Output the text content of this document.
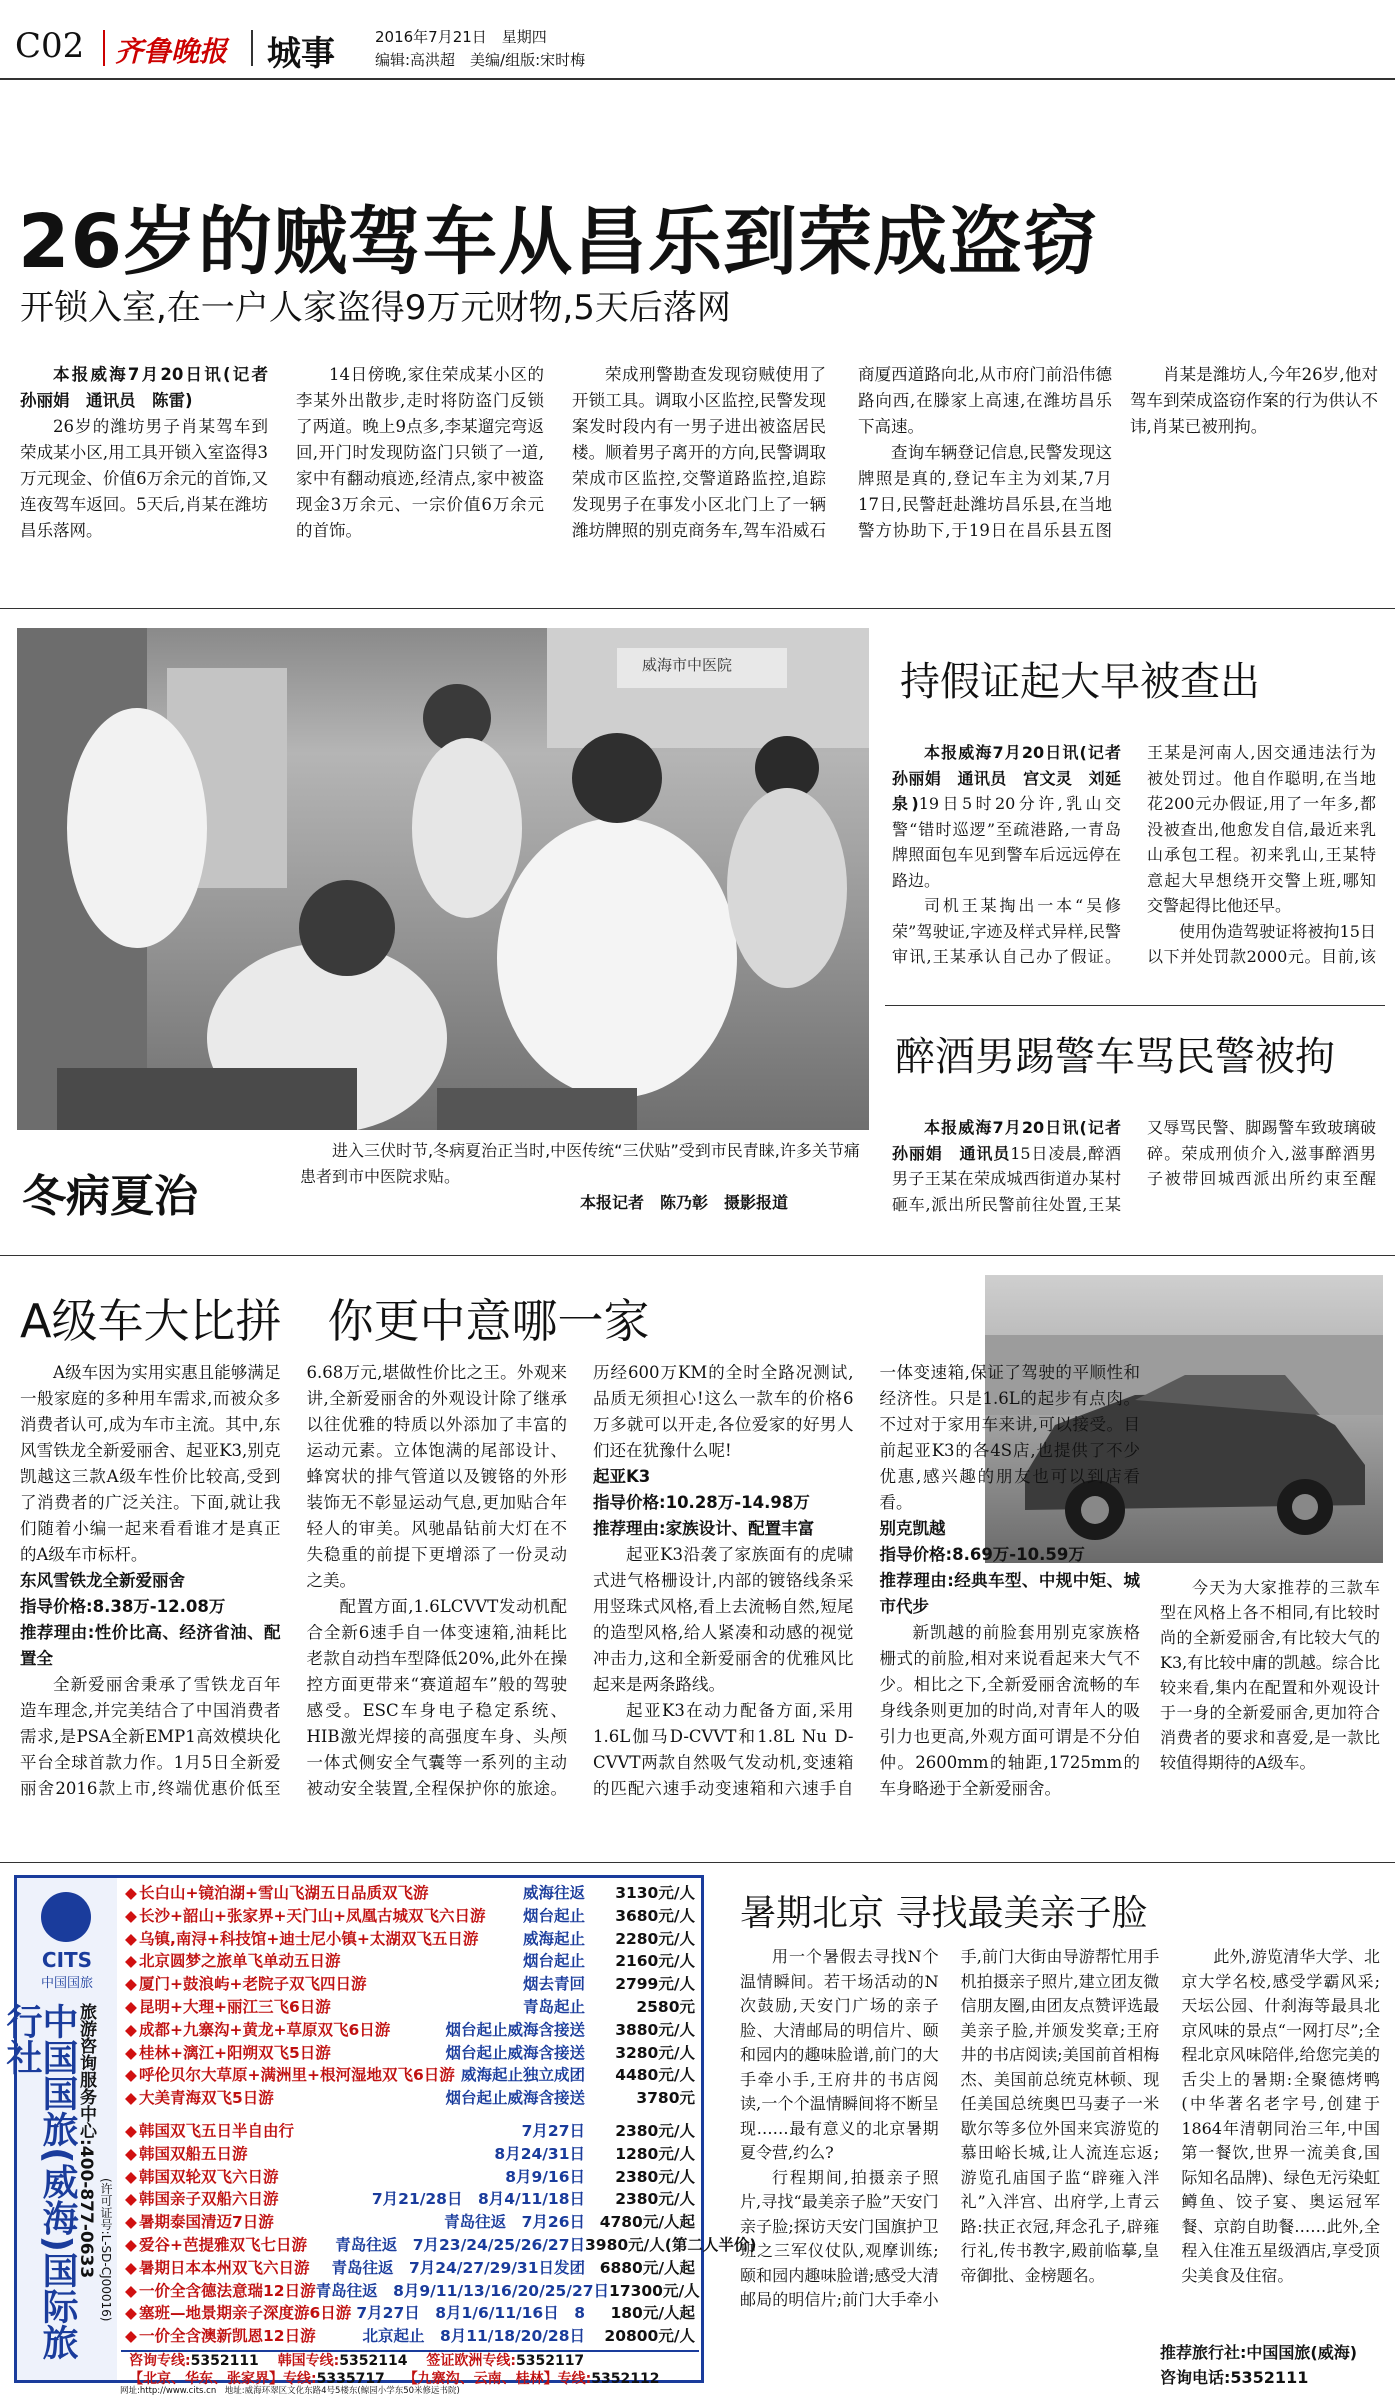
C02 齐鲁晚报 城事	2016年7月21日　星期四
编辑:高洪超　美编/组版:宋时梅
26岁的贼驾车从昌乐到荣成盗窃
开锁入室,在一户人家盗得9万元财物,5天后落网

本报威海7月20日讯(记者　孙丽娟　通讯员　陈雷)

26岁的潍坊男子肖某驾车到荣成某小区,用工具开锁入室盗得3万元现金、价值6万余元的首饰,又连夜驾车返回。5天后,肖某在潍坊昌乐落网。

14日傍晚,家住荣成某小区的李某外出散步,走时将防盗门反锁了两道。晚上9点多,李某遛完弯返回,开门时发现防盗门只锁了一道,家中有翻动痕迹,经清点,家中被盗现金3万余元、一宗价值6万余元的首饰。

荣成刑警勘查发现窃贼使用了开锁工具。调取小区监控,民警发现案发时段内有一男子进出被盗居民楼。顺着男子离开的方向,民警调取荣成市区监控,交警道路监控,追踪发现男子在事发小区北门上了一辆潍坊牌照的别克商务车,驾车沿威石商厦西道路向北,从市府门前沿伟德路向西,在滕家上高速,在潍坊昌乐下高速。

查询车辆登记信息,民警发现这牌照是真的,登记车主为刘某,7月17日,民警赶赴潍坊昌乐县,在当地警方协助下,于19日在昌乐县五图

肖某是潍坊人,今年26岁,他对驾车到荣成盗窃作案的行为供认不讳,肖某已被刑拘。

威海市中医院
冬病夏治
进入三伏时节,冬病夏治正当时,中医传统“三伏贴”受到市民青睐,许多关节痛患者到市中医院求贴。
本报记者　陈乃彰　摄影报道
持假证起大早被查出

本报威海7月20日讯(记者　孙丽娟　通讯员　宫文灵　刘延泉)19日5时20分许,乳山交警“错时巡逻”至疏港路,一青岛牌照面包车见到警车后远远停在路边。

司机王某掏出一本“吴修荣”驾驶证,字迹及样式异样,民警审讯,王某承认自己办了假证。王某是河南人,因交通违法行为被处罚过。他自作聪明,在当地花200元办假证,用了一年多,都没被查出,他愈发自信,最近来乳山承包工程。初来乳山,王某特意起大早想绕开交警上班,哪知交警起得比他还早。

使用伪造驾驶证将被拘15日以下并处罚款2000元。目前,该

醉酒男踢警车骂民警被拘

本报威海7月20日讯(记者　孙丽娟　通讯员15日凌晨,醉酒男子王某在荣成城西街道办某村砸车,派出所民警前往处置,王某又辱骂民警、脚踢警车致玻璃破碎。荣成刑侦介入,滋事醉酒男子被带回城西派出所约束至醒

A级车大比拼　你更中意哪一家

A级车因为实用实惠且能够满足一般家庭的多种用车需求,而被众多消费者认可,成为车市主流。其中,东风雪铁龙全新爱丽舍、起亚K3,别克凯越这三款A级车性价比较高,受到了消费者的广泛关注。下面,就让我们随着小编一起来看看谁才是真正的A级车市标杆。

东风雪铁龙全新爱丽舍

指导价格:8.38万-12.08万

推荐理由:性价比高、经济省油、配置全

全新爱丽舍秉承了雪铁龙百年造车理念,并完美结合了中国消费者需求,是PSA全新EMP1高效模块化平台全球首款力作。1月5日全新爱丽舍2016款上市,终端优惠价低至6.68万元,堪做性价比之王。外观来讲,全新爱丽舍的外观设计除了继承以往优雅的特质以外添加了丰富的运动元素。立体饱满的尾部设计、蜂窝状的排气管道以及镀铬的外形装饰无不彰显运动气息,更加贴合年轻人的审美。风驰晶钻前大灯在不失稳重的前提下更增添了一份灵动之美。

配置方面,1.6LCVVT发动机配合全新6速手自一体变速箱,油耗比老款自动挡车型降低20%,此外在操控方面更带来“赛道超车”般的驾驶感受。ESC车身电子稳定系统、HIB激光焊接的高强度车身、头颅一体式侧安全气囊等一系列的主动被动安全装置,全程保护你的旅途。历经600万KM的全时全路况测试,品质无须担心!这么一款车的价格6万多就可以开走,各位爱家的好男人们还在犹豫什么呢!

起亚K3

指导价格:10.28万-14.98万

推荐理由:家族设计、配置丰富

起亚K3沿袭了家族面有的虎啸式进气格栅设计,内部的镀铬线条采用竖珠式风格,看上去流畅自然,短尾的造型风格,给人紧凑和动感的视觉冲击力,这和全新爱丽舍的优雅风比起来是两条路线。

起亚K3在动力配备方面,采用1.6L伽马D-CVVT和1.8L Nu D-CVVT两款自然吸气发动机,变速箱的匹配六速手动变速箱和六速手自一体变速箱,保证了驾驶的平顺性和经济性。只是1.6L的起步有点肉。不过对于家用车来讲,可以接受。目前起亚K3的各4S店,也提供了不少优惠,感兴趣的朋友也可以到店看看。

别克凯越

指导价格:8.69万-10.59万

推荐理由:经典车型、中规中矩、城市代步

新凯越的前脸套用别克家族格栅式的前脸,相对来说看起来大气不少。相比之下,全新爱丽舍流畅的车身线条则更加的时尚,对青年人的吸引力也更高,外观方面可谓是不分伯仲。2600mm的轴距,1725mm的车身略逊于全新爱丽舍。

今天为大家推荐的三款车型在风格上各不相同,有比较时尚的全新爱丽舍,有比较大气的K3,有比较中庸的凯越。综合比较来看,集内在配置和外观设计于一身的全新爱丽舍,更加符合消费者的要求和喜爱,是一款比较值得期待的A级车。

CITS
中国国旅
中国国旅(威海)国际旅行社	旅游咨询服务中心:400-877-0633 (许可证号:L-SD-CJ00016)
◆ 长白山+镜泊湖+雪山飞湖五日品质双飞游	威海往返	3130元/人
◆ 长沙+韶山+张家界+天门山+凤凰古城双飞六日游	烟台起止	3680元/人
◆ 乌镇,南浔+科技馆+迪士尼小镇+太湖双飞五日游	威海起止	2280元/人
◆ 北京圆梦之旅单飞单动五日游	烟台起止	2160元/人
◆ 厦门+鼓浪屿+老院子双飞四日游	烟去青回	2799元/人
◆ 昆明+大理+丽江三飞6日游	青岛起止	2580元
◆ 成都+九寨沟+黄龙+草原双飞6日游	烟台起止威海含接送	3880元/人
◆ 桂林+漓江+阳朔双飞5日游	烟台起止威海含接送	3280元/人
◆ 呼伦贝尔大草原+满洲里+根河湿地双飞6日游 威海起止独立成团	4480元/人
◆ 大美青海双飞5日游	烟台起止威海含接送	3780元
◆ 韩国双飞五日半自由行	7月27日	2380元/人
◆ 韩国双船五日游	8月24/31日	1280元/人
◆ 韩国双轮双飞六日游	8月9/16日	2380元/人
◆ 韩国亲子双船六日游	7月21/28日　8月4/11/18日	2380元/人
◆ 暑期泰国清迈7日游	青岛往返　7月26日 4780元/人起
◆ 爱谷+芭提雅双飞七日游	青岛往返　7月23/24/25/26/27日 3980元/人(第二人半价)
◆ 暑期日本本州双飞六日游	青岛往返　7月24/27/29/31日发团 6880元/人起
◆ 一价全含德法意瑞12日游 青岛往返　8月9/11/13/16/20/25/27日 17300元/人
◆ 塞班—地景期亲子深度游6日游 7月27日　8月1/6/11/16日　8	180元/人起
◆ 一价全含澳新凯恩12日游	北京起止　8月11/18/20/28日	20800元/人
咨询专线:5352111 韩国专线:5352114 签证欧洲专线:5352117
【北京、华东、张家界】专线:5335717 【九寨沟、云南、桂林】专线:5352112
网址:http://www.cits.cn　地址:威海环翠区文化东路4号5楼东(鲸园小学东50米修远书院)
暑期北京 寻找最美亲子脸

用一个暑假去寻找N个温情瞬间。若干场活动的N次鼓励,天安门广场的亲子脸、大清邮局的明信片、颐和园内的趣味脸谱,前门的大手牵小手,王府井的书店阅读,一个个温情瞬间将不断呈现……最有意义的北京暑期夏令营,约么?

行程期间,拍摄亲子照片,寻找“最美亲子脸”天安门亲子脸;探访天安门国旗护卫班之三军仪仗队,观摩训练;颐和园内趣味脸谱;感受大清邮局的明信片;前门大手牵小手,前门大街由导游帮忙用手机拍摄亲子照片,建立团友微信朋友圈,由团友点赞评选最美亲子脸,并颁发奖章;王府井的书店阅读;美国前首相梅杰、美国前总统克林顿、现任美国总统奥巴马妻子一米歇尔等多位外国来宾游览的慕田峪长城,让人流连忘返;游览孔庙国子监“辟雍入泮礼”入泮宫、出府学,上青云路:扶正衣冠,拜念孔子,辟雍行礼,传书教字,殿前临摹,皇帝御批、金榜题名。

此外,游览清华大学、北京大学名校,感受学霸风采;天坛公园、什刹海等最具北京风味的景点“一网打尽”;全程北京风味陪伴,给您完美的舌尖上的暑期:全聚德烤鸭(中华著名老字号,创建于1864年清朝同治三年,中国第一餐饮,世界一流美食,国际知名品牌)、绿色无污染虹鳟鱼、饺子宴、奥运冠军餐、京韵自助餐……此外,全程入住准五星级酒店,享受顶尖美食及住宿。

推荐旅行社:中国国旅(威海)
咨询电话:5352111
